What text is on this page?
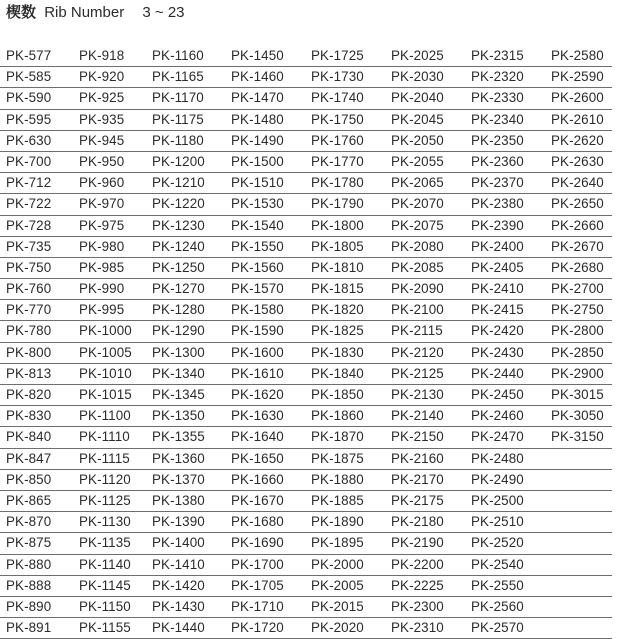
楔数 Rib Number 3 ~ 23
PK-577 PK-918 PK-1160 PK-1450 PK-1725 PK-2025 PK-2315 PK-2580
PK-585 PK-920 PK-1165 PK-1460 PK-1730 PK-2030 PK-2320 PK-2590
PK-590 PK-925 PK-1170 PK-1470 PK-1740 PK-2040 PK-2330 PK-2600
PK-595 PK-935 PK-1175 PK-1480 PK-1750 PK-2045 PK-2340 PK-2610
PK-630 PK-945 PK-1180 PK-1490 PK-1760 PK-2050 PK-2350 PK-2620
PK-700 PK-950 PK-1200 PK-1500 PK-1770 PK-2055 PK-2360 PK-2630
PK-712 PK-960 PK-1210 PK-1510 PK-1780 PK-2065 PK-2370 PK-2640
PK-722 PK-970 PK-1220 PK-1530 PK-1790 PK-2070 PK-2380 PK-2650
PK-728 PK-975 PK-1230 PK-1540 PK-1800 PK-2075 PK-2390 PK-2660
PK-735 PK-980 PK-1240 PK-1550 PK-1805 PK-2080 PK-2400 PK-2670
PK-750 PK-985 PK-1250 PK-1560 PK-1810 PK-2085 PK-2405 PK-2680
PK-760 PK-990 PK-1270 PK-1570 PK-1815 PK-2090 PK-2410 PK-2700
PK-770 PK-995 PK-1280 PK-1580 PK-1820 PK-2100 PK-2415 PK-2750
PK-780 PK-1000 PK-1290 PK-1590 PK-1825 PK-2115 PK-2420 PK-2800
PK-800 PK-1005 PK-1300 PK-1600 PK-1830 PK-2120 PK-2430 PK-2850
PK-813 PK-1010 PK-1340 PK-1610 PK-1840 PK-2125 PK-2440 PK-2900
PK-820 PK-1015 PK-1345 PK-1620 PK-1850 PK-2130 PK-2450 PK-3015
PK-830 PK-1100 PK-1350 PK-1630 PK-1860 PK-2140 PK-2460 PK-3050
PK-840 PK-1110 PK-1355 PK-1640 PK-1870 PK-2150 PK-2470 PK-3150
PK-847 PK-1115 PK-1360 PK-1650 PK-1875 PK-2160 PK-2480
PK-850 PK-1120 PK-1370 PK-1660 PK-1880 PK-2170 PK-2490
PK-865 PK-1125 PK-1380 PK-1670 PK-1885 PK-2175 PK-2500
PK-870 PK-1130 PK-1390 PK-1680 PK-1890 PK-2180 PK-2510
PK-875 PK-1135 PK-1400 PK-1690 PK-1895 PK-2190 PK-2520
PK-880 PK-1140 PK-1410 PK-1700 PK-2000 PK-2200 PK-2540
PK-888 PK-1145 PK-1420 PK-1705 PK-2005 PK-2225 PK-2550
PK-890 PK-1150 PK-1430 PK-1710 PK-2015 PK-2300 PK-2560
PK-891 PK-1155 PK-1440 PK-1720 PK-2020 PK-2310 PK-2570
